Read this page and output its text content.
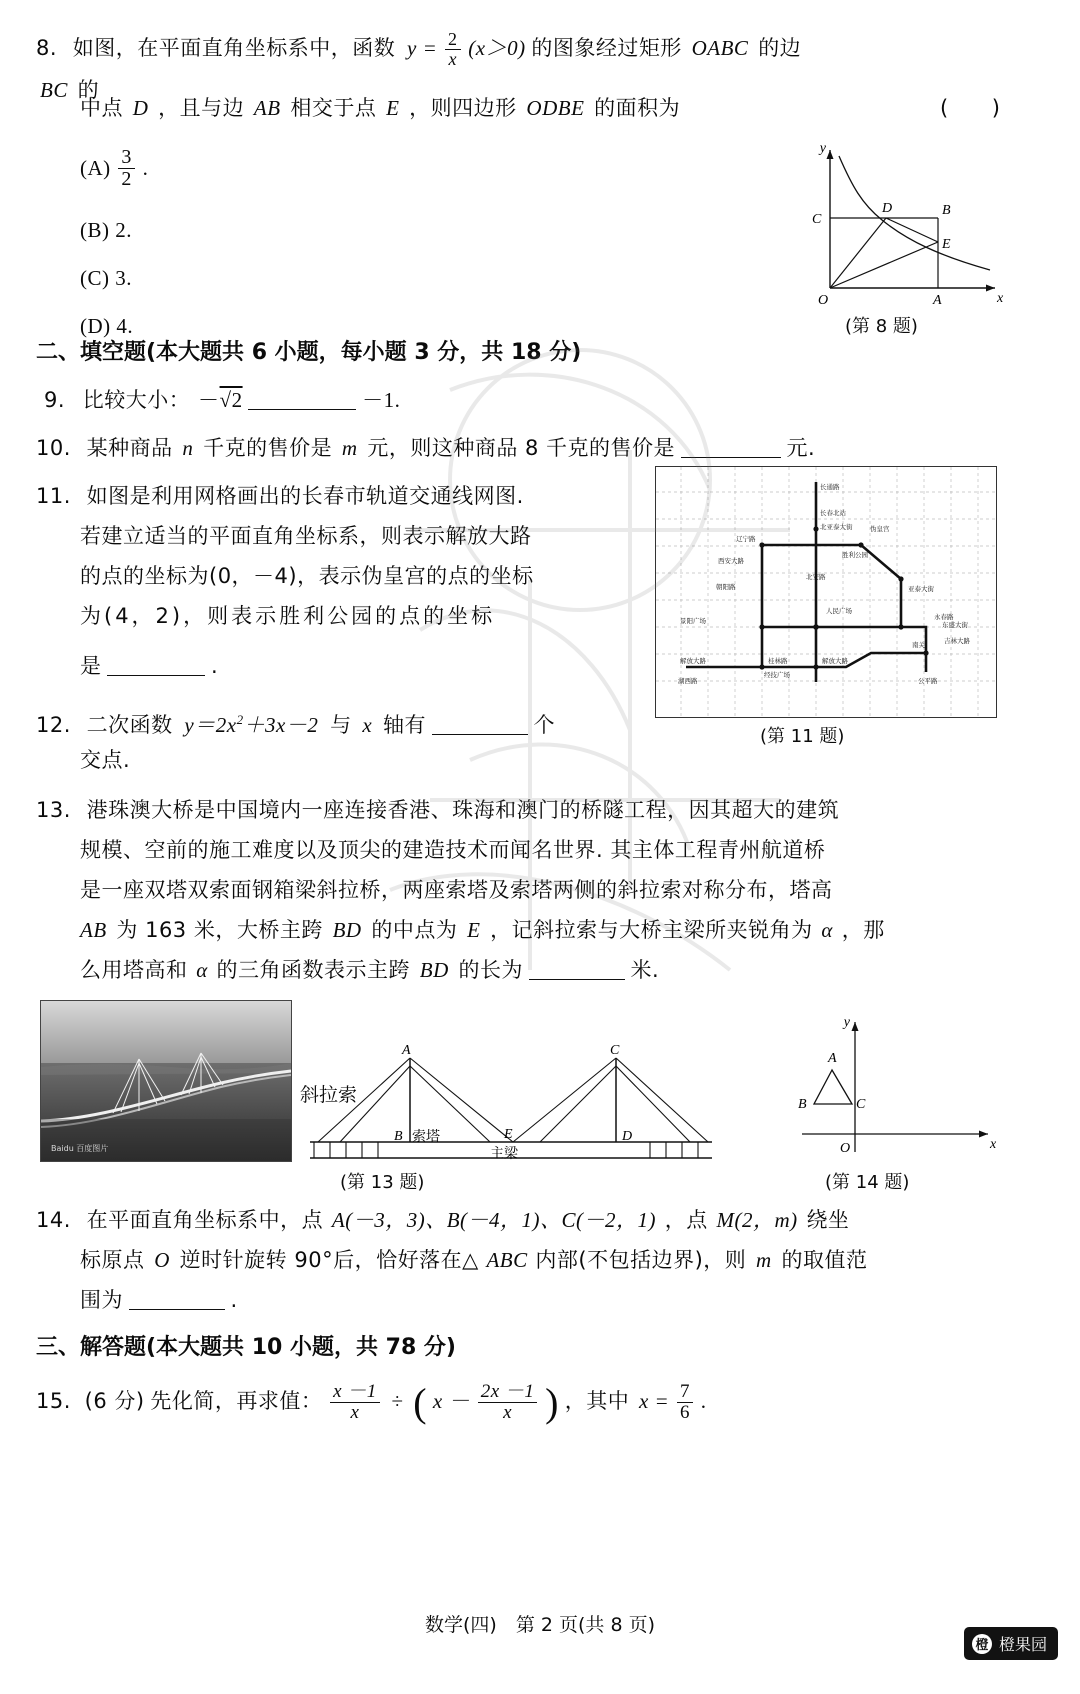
8. 如图，在平面直角坐标系中，函数 $y = \frac{2}{x} (x>0)$ 的图象经过矩形 OABC 的边 BC 的
中点 D ，且与边 AB 相交于点 E ，则四边形 ODBE 的面积为	(　　)
$(A) \frac{3}{2}$ .
(B) 2.
(C) 3.
(D) 4.
y
x
O	A
B
C
D
E
(第 8 题)
二、填空题(本大题共 6 小题，每小题 3 分，共 18 分)
9. 比较大小： －√2	－1.
10. 某种商品 n 千克的售价是 m 元，则这种商品 8 千克的售价是	元.
11. 如图是利用网格画出的长春市轨道交通线网图.
若建立适当的平面直角坐标系，则表示解放大路
的点的坐标为(0，－4)，表示伪皇宫的点的坐标
为(4，2)，则表示胜利公园的点的坐标
是	.
长通路
长春北站
北亚泰大街	伪皇宫
辽宁路
西安大路
胜利公园
朝阳路
北安路
人民广场
亚泰大街
永春路
景阳广场
南关	吉林大路
东盛大街
解放大路	桂林路	解放大路
经技广场
湖西路	公平路
(第 11 题)
12. 二次函数 $y=2x^2+3x-2$ 与 x 轴有	个
交点.
13. 港珠澳大桥是中国境内一座连接香港、珠海和澳门的桥隧工程，因其超大的建筑
规模、空前的施工难度以及顶尖的建造技术而闻名世界. 其主体工程青州航道桥
是一座双塔双索面钢箱梁斜拉桥，两座索塔及索塔两侧的斜拉索对称分布，塔高
AB 为 163 米，大桥主跨 BD 的中点为 E ，记斜拉索与大桥主梁所夹锐角为 α ，那
么用塔高和 α 的三角函数表示主跨 BD 的长为	米.
Baidu 百度图片
A
B
C
D
E
索塔
主梁
斜拉索
(第 13 题)
A
B	C
y
x
O
(第 14 题)
14. 在平面直角坐标系中，点 A(－3，3)、B(－4，1)、C(－2，1) ，点 M(2，m) 绕坐
标原点 O 逆时针旋转 90°后，恰好落在△ ABC 内部(不包括边界)，则 m 的取值范
围为	.
三、解答题(本大题共 10 小题，共 78 分)
15. (6 分) 先化简，再求值： $\frac{x -1}{x}$ ÷ ( $x - \frac{2x -1}{x}$ ) ，其中 $x = \frac{7}{6}$ .
数学(四)　第 2 页(共 8 页)
橙 橙果园
